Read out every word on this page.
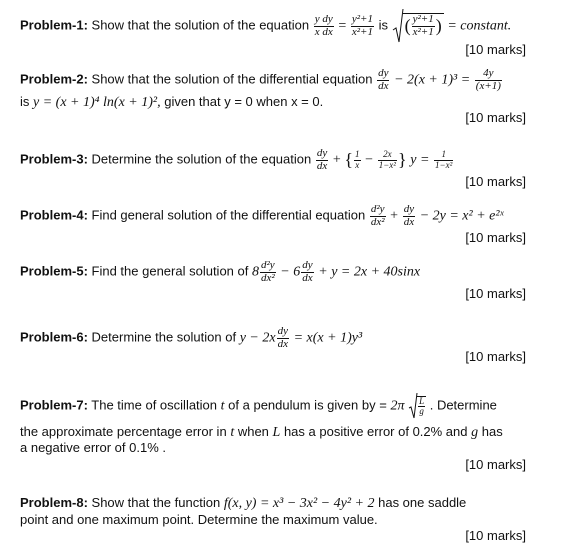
Problem-1: Show that the solution of the equation $\frac{\text{y dy}}{\text{x dx}} = \frac{\text{y²+1}}{\text{x²+1}}$ is ( $\frac{\text{y²+1}}{\text{x²+1}}$ ) = constant.
[10 marks]
Problem-2: Show that the solution of the differential equation $\frac{dy}{dx} - 2(x + 1)^3 = \frac{4y}{(x+1)}$
is y = (x + 1)⁴ ln(x + 1)², given that y = 0 when x = 0.
[10 marks]
Problem-3: Determine the solution of the equation $\frac{dy}{dx}$ + { $\frac{1}{x} - \frac{2x}{\text{1−x²}}$ } $y = \frac{1}{\text{1−x²}}$
[10 marks]
Problem-4: Find general solution of the differential equation $\frac{\text{d²y}}{\text{dx²}} + \frac{dy}{dx} - 2y = x^2$ + e²ˣ
[10 marks]
Problem-5: Find the general solution of $8 \frac{\text{d²y}}{\text{dx²}} - 6 \frac{dy}{dx} + y = 2x + 40\sin x$
[10 marks]
Problem-6: Determine the solution of $y - 2x \frac{dy}{dx} = x(x + 1)y^3$
[10 marks]
Problem-7: The time of oscillation t of a pendulum is given by = $2\pi \frac{L}{g}$ . Determine
the approximate percentage error in t when L has a positive error of 0.2% and g has
a negative error of 0.1% .
[10 marks]
Problem-8: Show that the function f(x, y) = x³ − 3x² − 4y² + 2 has one saddle
point and one maximum point. Determine the maximum value.
[10 marks]
